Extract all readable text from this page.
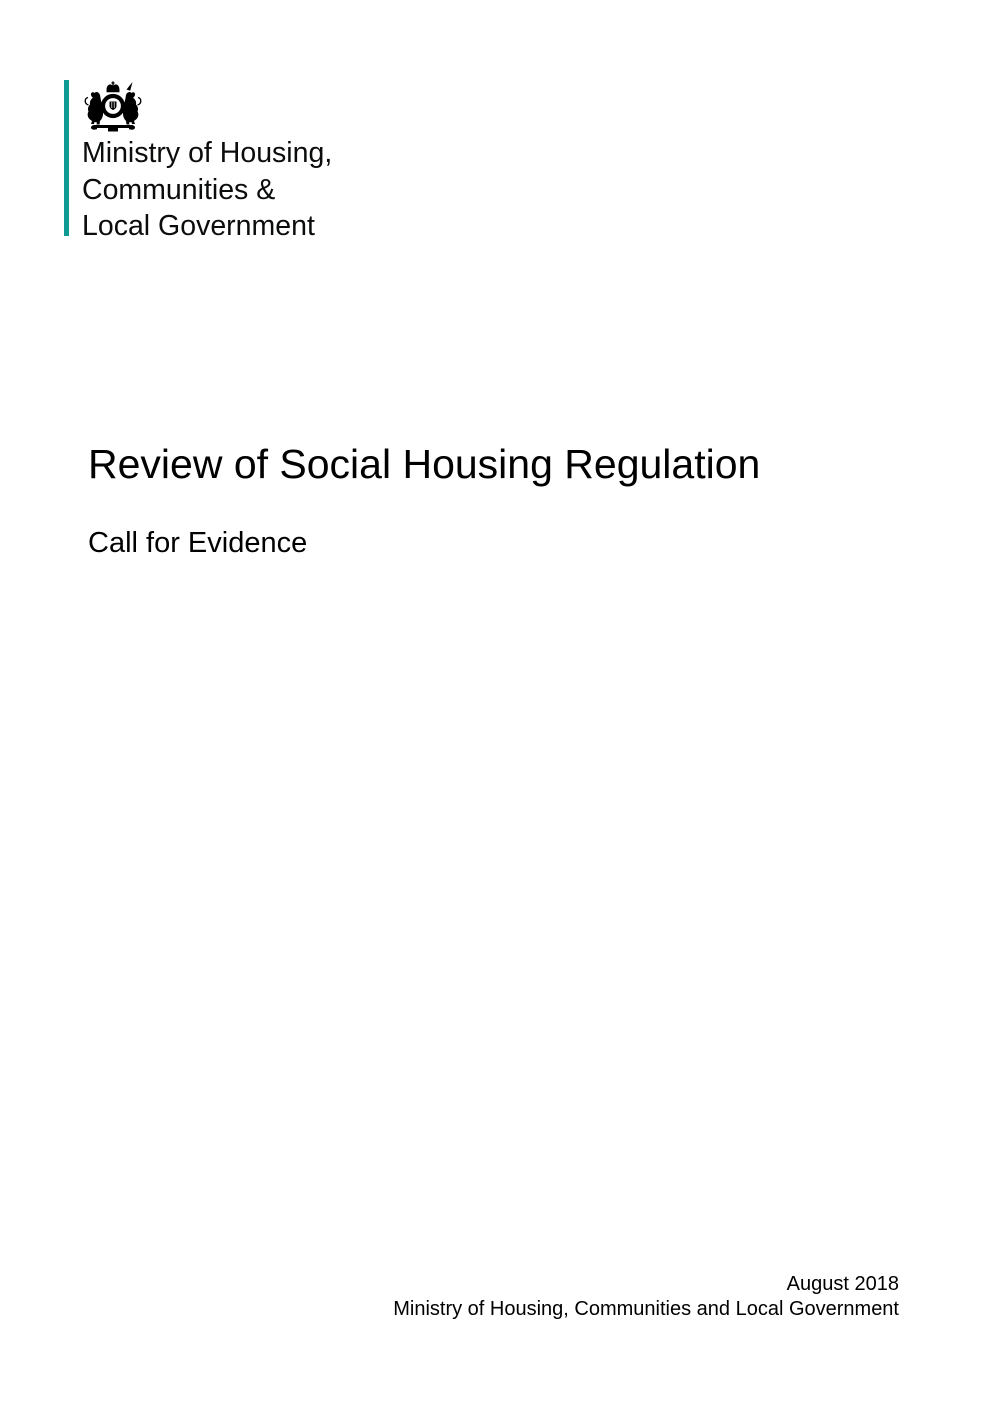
Ministry of Housing,
Communities &
Local Government
Review of Social Housing Regulation
Call for Evidence
August 2018
Ministry of Housing, Communities and Local Government
